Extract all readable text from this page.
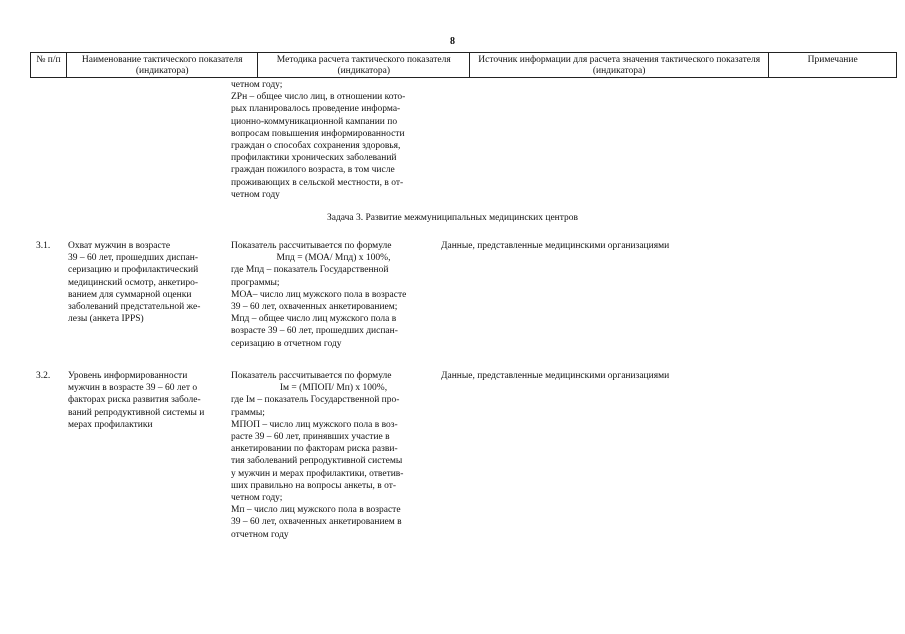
8
№ п/п	Наименование тактического показателя (индикатора)
Методика расчета тактического показателя (индикатора)
Источник информации для расчета значения тактического показателя (индикатора)
Примечание
четном году;
ZPн – общее число лиц, в отношении кото-
рых планировалось проведение информа-
ционно-коммуникационной кампании по
вопросам повышения информированности
граждан о способах сохранения здоровья,
профилактики хронических заболеваний
граждан пожилого возраста, в том числе
проживающих в сельской местности, в от-
четном году
Задача 3. Развитие межмуниципальных медицинских центров
3.1. Охват мужчин в возрасте
39 – 60 лет, прошедших диспан-
серизацию и профилактический
медицинский осмотр, анкетиро-
ванием для суммарной оценки
заболеваний предстательной же-
лезы (анкета IPPS)
Показатель рассчитывается по формуле
Mпд = (MОА/ Mпд) x 100%,
где Mпд – показатель Государственной
программы;
MОА– число лиц мужского пола в возрасте
39 – 60 лет, охваченных анкетированием;
Mпд – общее число лиц мужского пола в
возрасте 39 – 60 лет, прошедших диспан-
серизацию в отчетном году
Данные, представленные медицинскими организациями
3.2. Уровень информированности
мужчин в возрасте 39 – 60 лет о
факторах риска развития заболе-
ваний репродуктивной системы и
мерах профилактики
Показатель рассчитывается по формуле
Iм = (MПОП/ Mп) x 100%,
где Iм – показатель Государственной про-
граммы;
MПОП – число лиц мужского пола в воз-
расте 39 – 60 лет, принявших участие в
анкетировании по факторам риска разви-
тия заболеваний репродуктивной системы
у мужчин и мерах профилактики, ответив-
ших правильно на вопросы анкеты, в от-
четном году;
Mп – число лиц мужского пола в возрасте
39 – 60 лет, охваченных анкетированием в
отчетном году
Данные, представленные медицинскими организациями
